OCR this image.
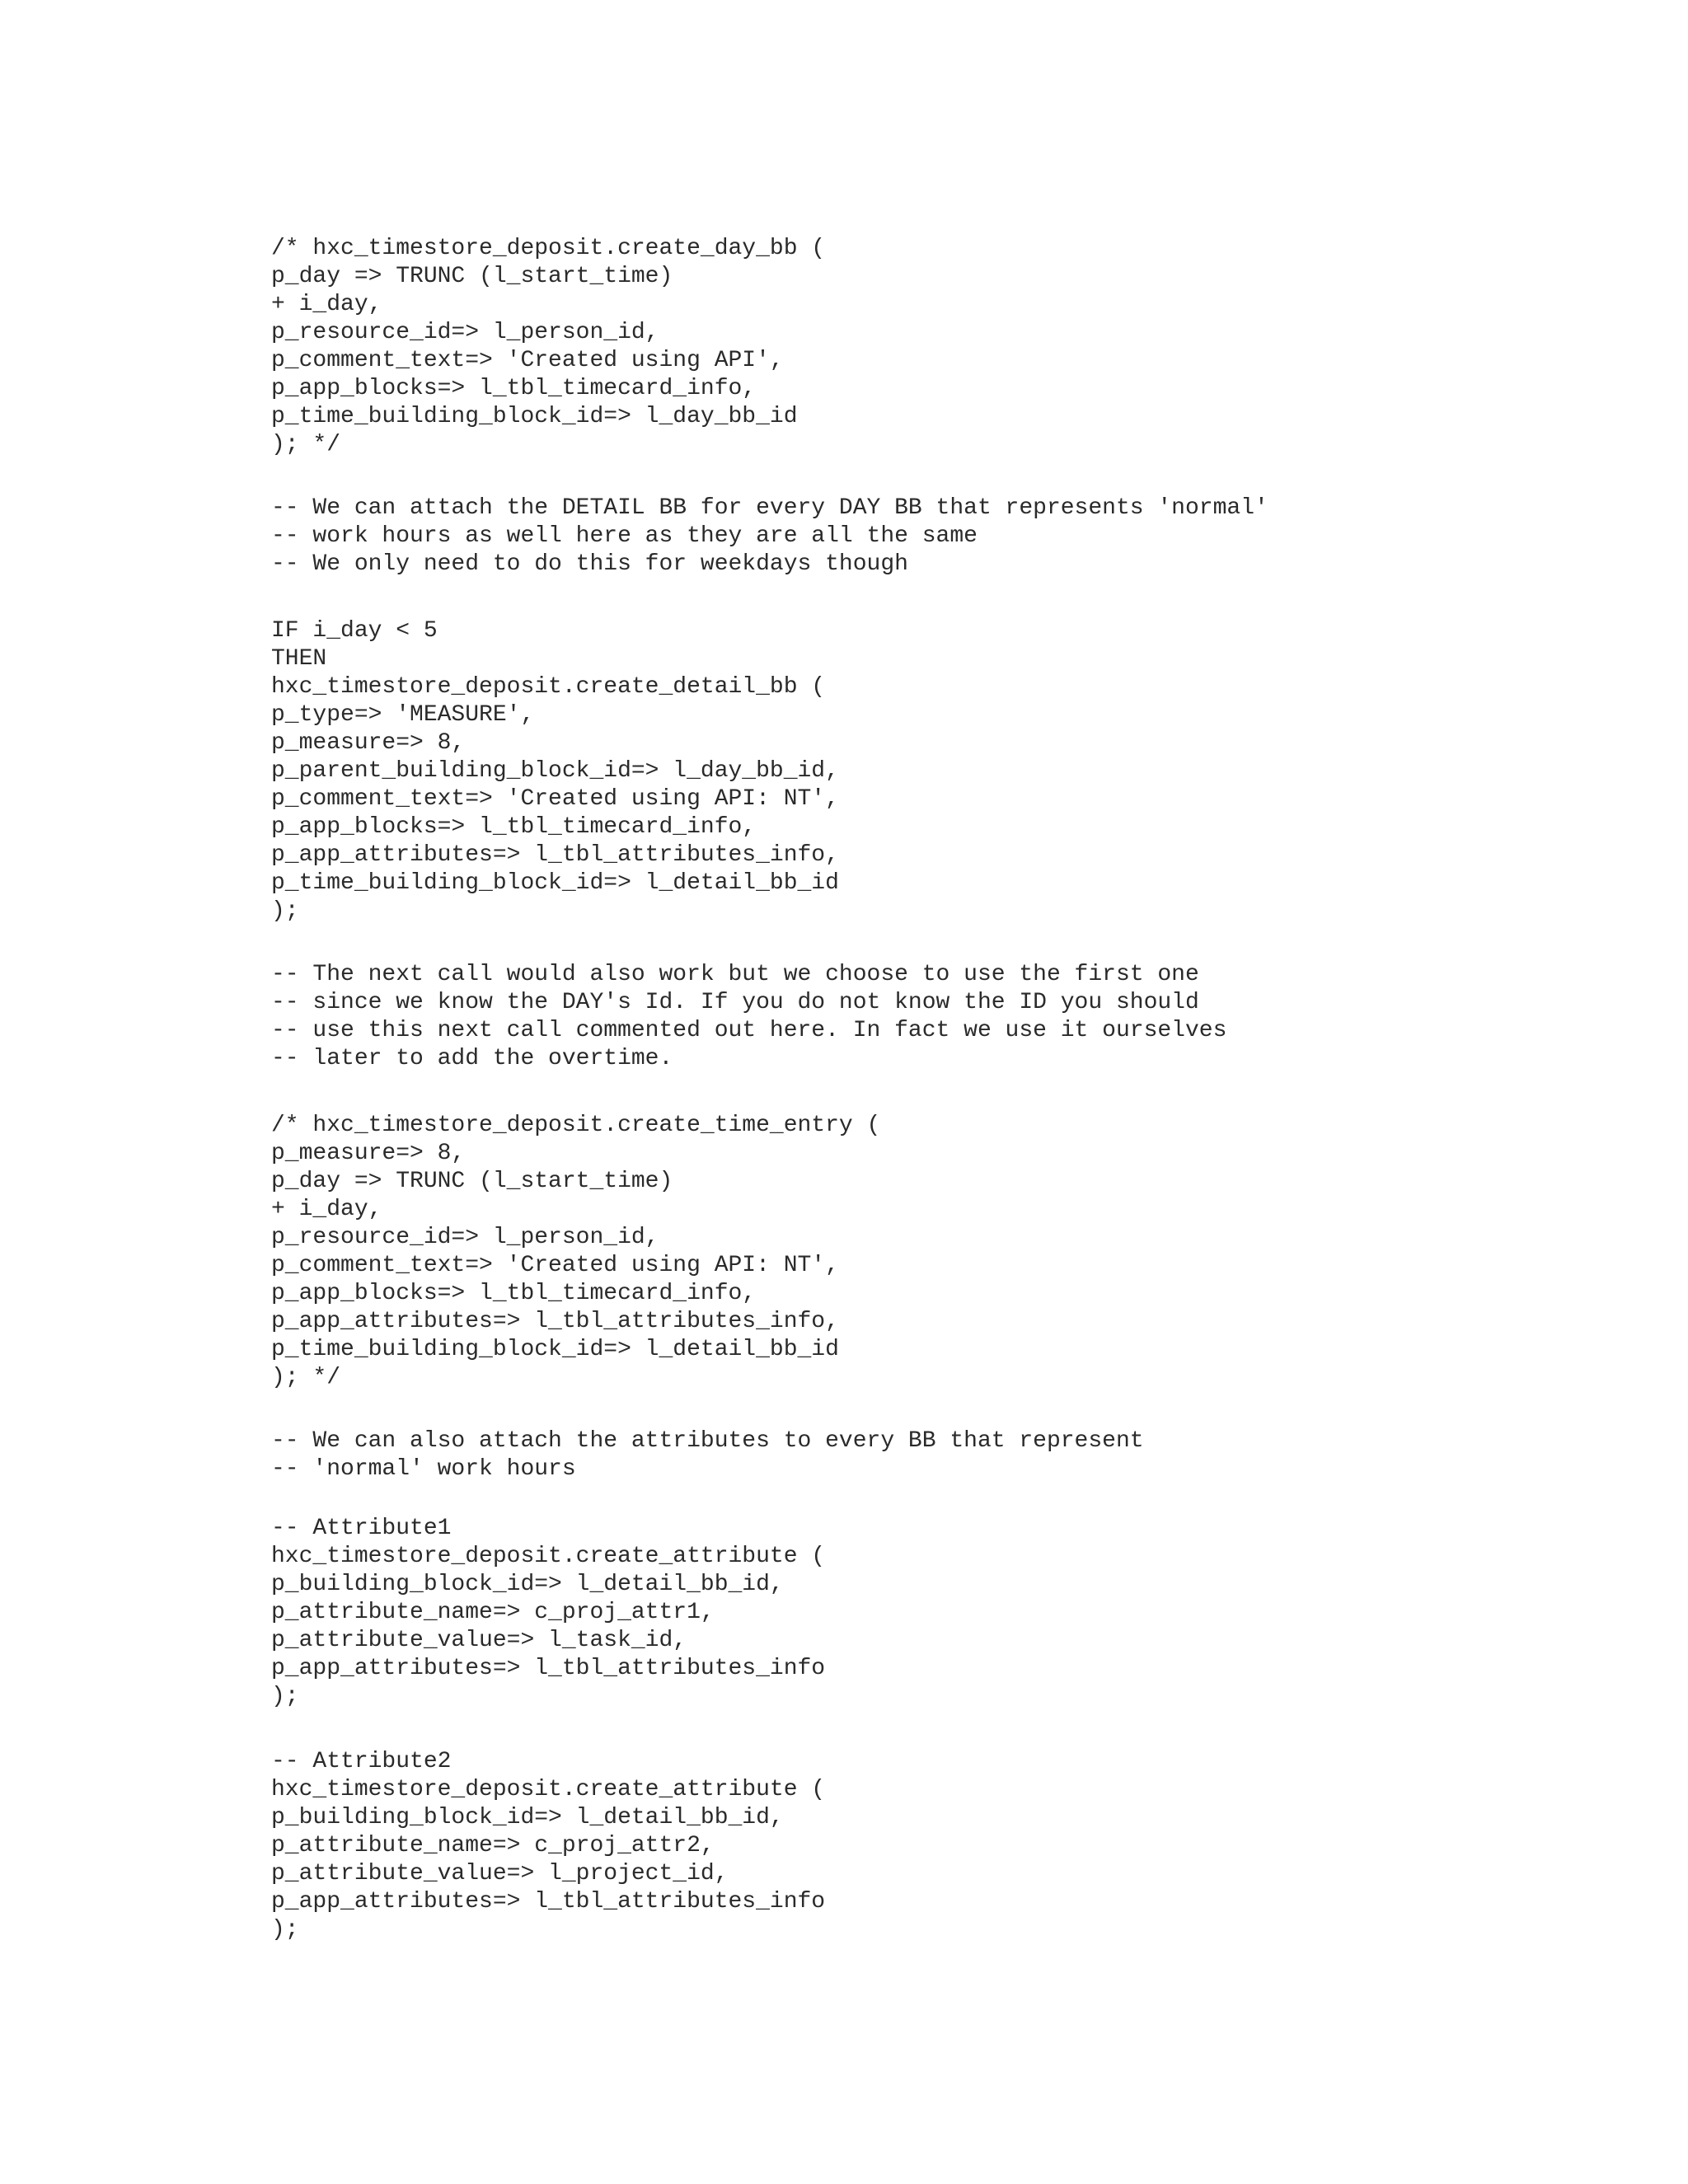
/* hxc_timestore_deposit.create_day_bb (
p_day => TRUNC (l_start_time)
+ i_day,
p_resource_id=> l_person_id,
p_comment_text=> 'Created using API',
p_app_blocks=> l_tbl_timecard_info,
p_time_building_block_id=> l_day_bb_id
); */
-- We can attach the DETAIL BB for every DAY BB that represents 'normal'
-- work hours as well here as they are all the same
-- We only need to do this for weekdays though
IF i_day < 5
THEN
hxc_timestore_deposit.create_detail_bb (
p_type=> 'MEASURE',
p_measure=> 8,
p_parent_building_block_id=> l_day_bb_id,
p_comment_text=> 'Created using API: NT',
p_app_blocks=> l_tbl_timecard_info,
p_app_attributes=> l_tbl_attributes_info,
p_time_building_block_id=> l_detail_bb_id
);
-- The next call would also work but we choose to use the first one
-- since we know the DAY's Id. If you do not know the ID you should
-- use this next call commented out here. In fact we use it ourselves
-- later to add the overtime.
/* hxc_timestore_deposit.create_time_entry (
p_measure=> 8,
p_day => TRUNC (l_start_time)
+ i_day,
p_resource_id=> l_person_id,
p_comment_text=> 'Created using API: NT',
p_app_blocks=> l_tbl_timecard_info,
p_app_attributes=> l_tbl_attributes_info,
p_time_building_block_id=> l_detail_bb_id
); */
-- We can also attach the attributes to every BB that represent
-- 'normal' work hours
-- Attribute1
hxc_timestore_deposit.create_attribute (
p_building_block_id=> l_detail_bb_id,
p_attribute_name=> c_proj_attr1,
p_attribute_value=> l_task_id,
p_app_attributes=> l_tbl_attributes_info
);
-- Attribute2
hxc_timestore_deposit.create_attribute (
p_building_block_id=> l_detail_bb_id,
p_attribute_name=> c_proj_attr2,
p_attribute_value=> l_project_id,
p_app_attributes=> l_tbl_attributes_info
);
